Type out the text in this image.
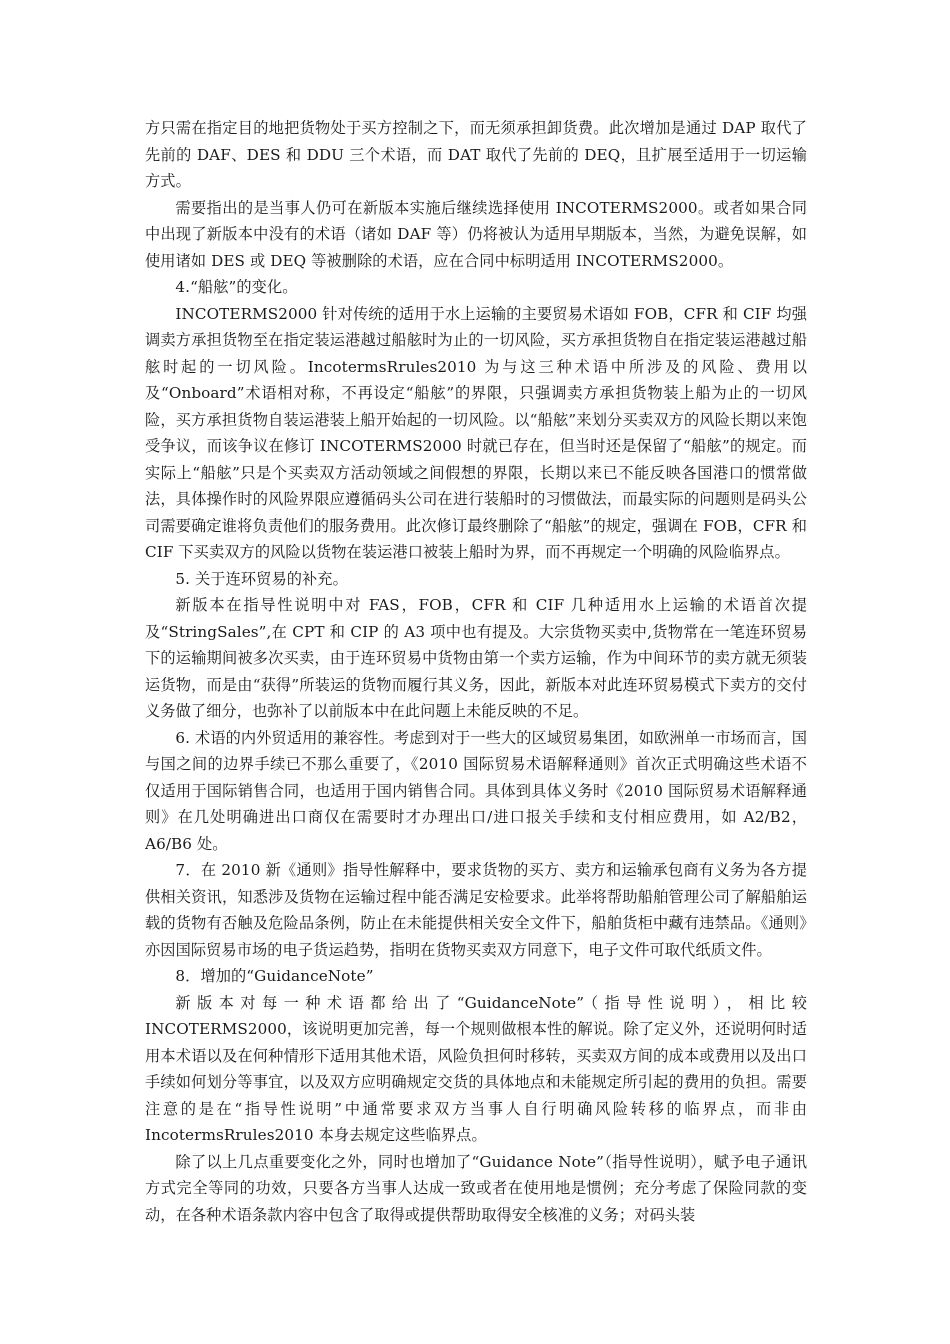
方只需在指定目的地把货物处于买方控制之下，而无须承担卸货费。此次增加是通过 DAP 取代了先前的 DAF、DES 和 DDU 三个术语，而 DAT 取代了先前的 DEQ，且扩展至适用于一切运输方式。

需要指出的是当事人仍可在新版本实施后继续选择使用 INCOTERMS2000。或者如果合同中出现了新版本中没有的术语（诸如 DAF 等）仍将被认为适用早期版本，当然，为避免误解，如使用诸如 DES 或 DEQ 等被删除的术语，应在合同中标明适用 INCOTERMS2000。

4.“船舷”的变化。

INCOTERMS2000 针对传统的适用于水上运输的主要贸易术语如 FOB，CFR 和 CIF 均强调卖方承担货物至在指定装运港越过船舷时为止的一切风险，买方承担货物自在指定装运港越过船舷时起的一切风险。IncotermsRrules2010 为与这三种术语中所涉及的风险、费用以及“Onboard”术语相对称，不再设定“船舷”的界限，只强调卖方承担货物装上船为止的一切风险，买方承担货物自装运港装上船开始起的一切风险。以“船舷”来划分买卖双方的风险长期以来饱受争议，而该争议在修订 INCOTERMS2000 时就已存在，但当时还是保留了“船舷”的规定。而实际上“船舷”只是个买卖双方活动领域之间假想的界限，长期以来已不能反映各国港口的惯常做法，具体操作时的风险界限应遵循码头公司在进行装船时的习惯做法，而最实际的问题则是码头公司需要确定谁将负责他们的服务费用。此次修订最终删除了“船舷”的规定，强调在 FOB，CFR 和 CIF 下买卖双方的风险以货物在装运港口被装上船时为界，而不再规定一个明确的风险临界点。

5. 关于连环贸易的补充。

新版本在指导性说明中对 FAS，FOB，CFR 和 CIF 几种适用水上运输的术语首次提及“StringSales”,在 CPT 和 CIP 的 A3 项中也有提及。大宗货物买卖中,货物常在一笔连环贸易下的运输期间被多次买卖，由于连环贸易中货物由第一个卖方运输，作为中间环节的卖方就无须装运货物，而是由“获得”所装运的货物而履行其义务，因此，新版本对此连环贸易模式下卖方的交付义务做了细分，也弥补了以前版本中在此问题上未能反映的不足。

6. 术语的内外贸适用的兼容性。考虑到对于一些大的区域贸易集团，如欧洲单一市场而言，国与国之间的边界手续已不那么重要了，《2010 国际贸易术语解释通则》首次正式明确这些术语不仅适用于国际销售合同，也适用于国内销售合同。具体到具体义务时《2010 国际贸易术语解释通则》在几处明确进出口商仅在需要时才办理出口/进口报关手续和支付相应费用，如 A2/B2，A6/B6 处。

7．在 2010 新《通则》指导性解释中，要求货物的买方、卖方和运输承包商有义务为各方提供相关资讯，知悉涉及货物在运输过程中能否满足安检要求。此举将帮助船舶管理公司了解船舶运载的货物有否触及危险品条例，防止在未能提供相关安全文件下，船舶货柜中藏有违禁品。《通则》亦因国际贸易市场的电子货运趋势，指明在货物买卖双方同意下，电子文件可取代纸质文件。

8．增加的“GuidanceNote”

新版本对每一种术语都给出了“GuidanceNote”（指导性说明），相比较 INCOTERMS2000，该说明更加完善，每一个规则做根本性的解说。除了定义外，还说明何时适用本术语以及在何种情形下适用其他术语，风险负担何时移转，买卖双方间的成本或费用以及出口手续如何划分等事宜，以及双方应明确规定交货的具体地点和未能规定所引起的费用的负担。需要注意的是在“指导性说明”中通常要求双方当事人自行明确风险转移的临界点，而非由 IncotermsRrules2010 本身去规定这些临界点。

除了以上几点重要变化之外，同时也增加了“Guidance Note”（指导性说明），赋予电子通讯方式完全等同的功效，只要各方当事人达成一致或者在使用地是惯例；充分考虑了保险同款的变动，在各种术语条款内容中包含了取得或提供帮助取得安全核准的义务；对码头装
